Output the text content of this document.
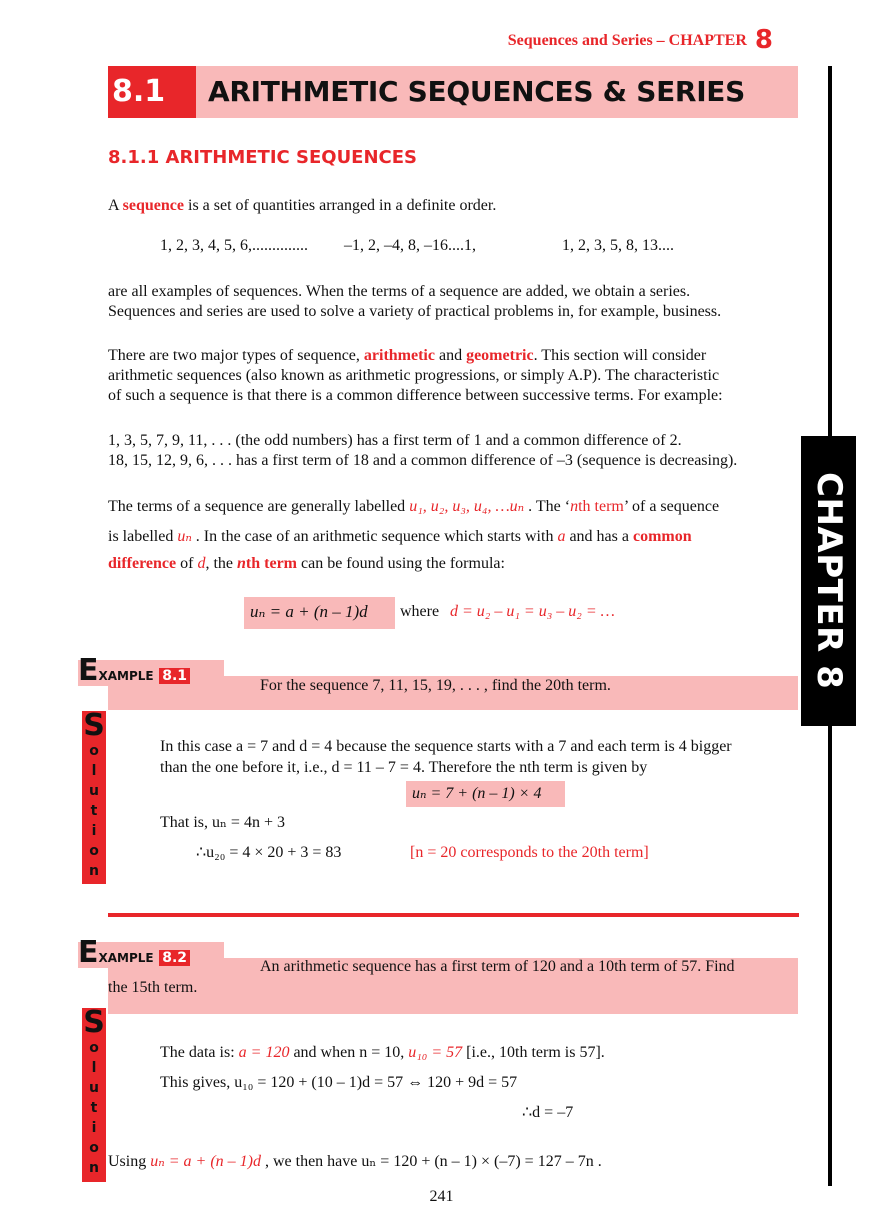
Sequences and Series – CHAPTER 8
8.1	ARITHMETIC SEQUENCES & SERIES
CHAPTER 8
8.1.1 ARITHMETIC SEQUENCES
A sequence is a set of quantities arranged in a definite order.
1, 2, 3, 4, 5, 6,.............. –1, 2, –4, 8, –16....1,	1, 2, 3, 5, 8, 13....
are all examples of sequences. When the terms of a sequence are added, we obtain a series.
Sequences and series are used to solve a variety of practical problems in, for example, business.
There are two major types of sequence, arithmetic and geometric. This section will consider
arithmetic sequences (also known as arithmetic progressions, or simply A.P). The characteristic
of such a sequence is that there is a common difference between successive terms. For example:
1, 3, 5, 7, 9, 11, . . . (the odd numbers) has a first term of 1 and a common difference of 2.
18, 15, 12, 9, 6, . . . has a first term of 18 and a common difference of –3 (sequence is decreasing).
The terms of a sequence are generally labelled u₁, u₂, u₃, u₄, …uₙ . The ‘nth term’ of a sequence
is labelled uₙ . In the case of an arithmetic sequence which starts with a and has a common
difference of d, the nth term can be found using the formula:
uₙ = a + (n – 1)d where d = u₂ – u₁ = u₃ – u₂ = …
EXAMPLE 8.1
For the sequence 7, 11, 15, 19, . . . , find the 20th term.
S
o
l
u
t
i
o
n
In this case a = 7 and d = 4 because the sequence starts with a 7 and each term is 4 bigger
than the one before it, i.e., d = 11 – 7 = 4. Therefore the nth term is given by
uₙ = 7 + (n – 1) × 4
That is, uₙ = 4n + 3
∴u₂₀ = 4 × 20 + 3 = 83	[n = 20 corresponds to the 20th term]
EXAMPLE 8.2	An arithmetic sequence has a first term of 120 and a 10th term of 57. Find
the 15th term.
S
o
l
u
t
i
o
n
The data is: a = 120 and when n = 10, u₁₀ = 57 [i.e., 10th term is 57].
This gives, u₁₀ = 120 + (10 – 1)d = 57 ⇔ 120 + 9d = 57
∴d = –7
Using uₙ = a + (n – 1)d , we then have uₙ = 120 + (n – 1) × (–7) = 127 – 7n .
241
